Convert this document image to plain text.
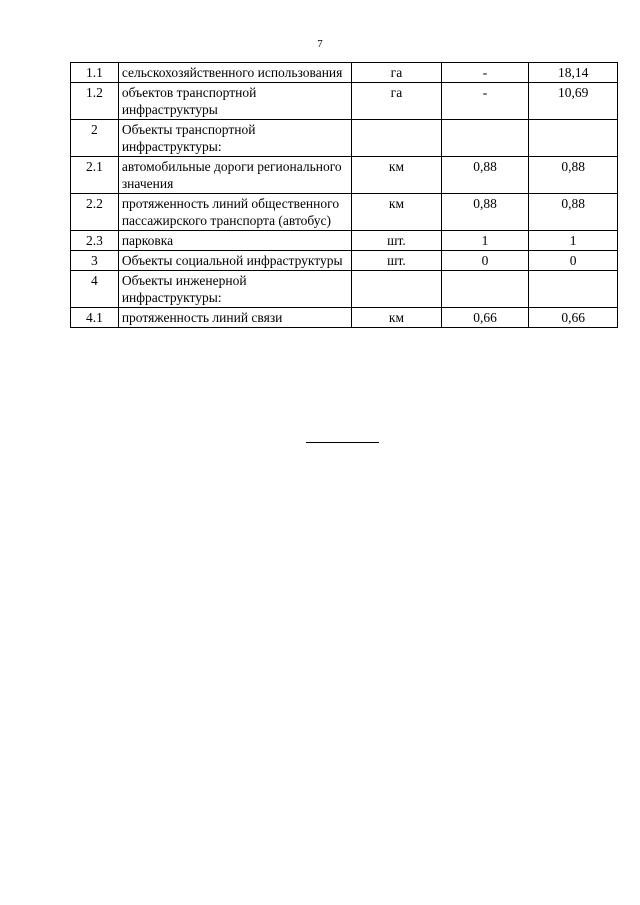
7
1.1	сельскохозяйственного использования	га	-	18,14
1.2	объектов транспортной инфраструктуры	га	-	10,69
2	Объекты транспортной инфраструктуры:			
2.1	автомобильные дороги регионального значения	км	0,88	0,88
2.2	протяженность линий общественного пассажирского транспорта (автобус)	км	0,88	0,88
2.3	парковка	шт.	1	1
3	Объекты социальной инфраструктуры	шт.	0	0
4	Объекты инженерной инфраструктуры:			
4.1	протяженность линий связи	км	0,66	0,66
